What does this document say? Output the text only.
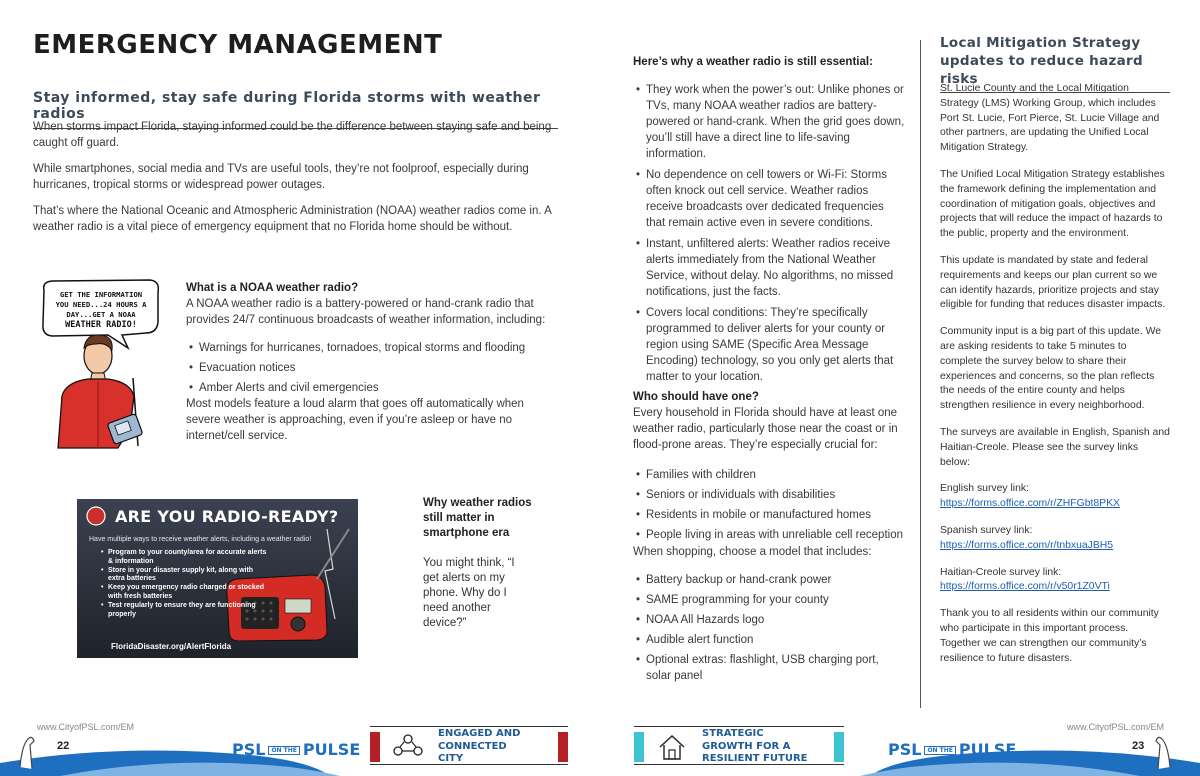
EMERGENCY MANAGEMENT
Stay informed, stay safe during Florida storms with weather radios
When storms impact Florida, staying informed could be the difference between staying safe and being caught off guard.
While smartphones, social media and TVs are useful tools, they’re not foolproof, especially during hurricanes, tropical storms or widespread power outages.
That’s where the National Oceanic and Atmospheric Administration (NOAA) weather radios come in. A weather radio is a vital piece of emergency equipment that no Florida home should be without.
GET THE INFORMATION
YOU NEED...24 HOURS A
DAY...GET A NOAA
WEATHER RADIO!
What is a NOAA weather radio?
A NOAA weather radio is a battery-powered or hand-crank radio that provides 24/7 continuous broadcasts of weather information, including:
• Warnings for hurricanes, tornadoes, tropical storms and flooding
• Evacuation notices
• Amber Alerts and civil emergencies
Most models feature a loud alarm that goes off automatically when severe weather is approaching, even if you’re asleep or have no internet/cell service.
ARE YOU RADIO-READY?
Have multiple ways to receive weather alerts, including a weather radio!
• Program to your county/area for accurate alerts & information
• Store in your disaster supply kit, along with extra batteries
• Keep you emergency radio charged or stocked with fresh batteries
• Test regularly to ensure they are functioning properly
FloridaDisaster.org/AlertFlorida
Why weather radios still matter in smartphone era
You might think, “I get alerts on my phone. Why do I need another device?”
Here’s why a weather radio is still essential:
• They work when the power’s out: Unlike phones or TVs, many NOAA weather radios are battery-powered or hand-crank. When the grid goes down, you’ll still have a direct line to life-saving information.
• No dependence on cell towers or Wi-Fi: Storms often knock out cell service. Weather radios receive broadcasts over dedicated frequencies that remain active even in severe conditions.
• Instant, unfiltered alerts: Weather radios receive alerts immediately from the National Weather Service, without delay. No algorithms, no missed notifications, just the facts.
• Covers local conditions: They’re specifically programmed to deliver alerts for your county or region using SAME (Specific Area Message Encoding) technology, so you only get alerts that matter to your location.
Who should have one?
Every household in Florida should have at least one weather radio, particularly those near the coast or in flood-prone areas. They’re especially crucial for:
• Families with children
• Seniors or individuals with disabilities
• Residents in mobile or manufactured homes
• People living in areas with unreliable cell reception
When shopping, choose a model that includes:
• Battery backup or hand-crank power
• SAME programming for your county
• NOAA All Hazards logo
• Audible alert function
• Optional extras: flashlight, USB charging port, solar panel
Local Mitigation Strategy updates to reduce hazard risks

St. Lucie County and the Local Mitigation Strategy (LMS) Working Group, which includes Port St. Lucie, Fort Pierce, St. Lucie Village and other partners, are updating the Unified Local Mitigation Strategy.

The Unified Local Mitigation Strategy establishes the framework defining the implementation and coordination of mitigation goals, objectives and projects that will reduce the impact of hazards to the public, property and the environment.

This update is mandated by state and federal requirements and keeps our plan current so we can identify hazards, prioritize projects and stay eligible for funding that reduces disaster impacts.

Community input is a big part of this update. We are asking residents to take 5 minutes to complete the survey below to share their experiences and concerns, so the plan reflects the needs of the entire county and helps strengthen resilience in every neighborhood.

The surveys are available in English, Spanish and Haitian-Creole. Please see the survey links below:

English survey link:
https://forms.office.com/r/ZHFGbt8PKX

Spanish survey link:
https://forms.office.com/r/tnbxuaJBH5

Haitian-Creole survey link:
https://forms.office.com/r/v50r1Z0VTi

Thank you to all residents within our community who participate in this important process. Together we can strengthen our community’s resilience to future disasters.

www.CityofPSL.com/EM
22	PSL ON THE PULSE
ENGAGED AND CONNECTED CITY
STRATEGIC GROWTH FOR A RESILIENT FUTURE	PSL ON THE PULSE
www.CityofPSL.com/EM
23
